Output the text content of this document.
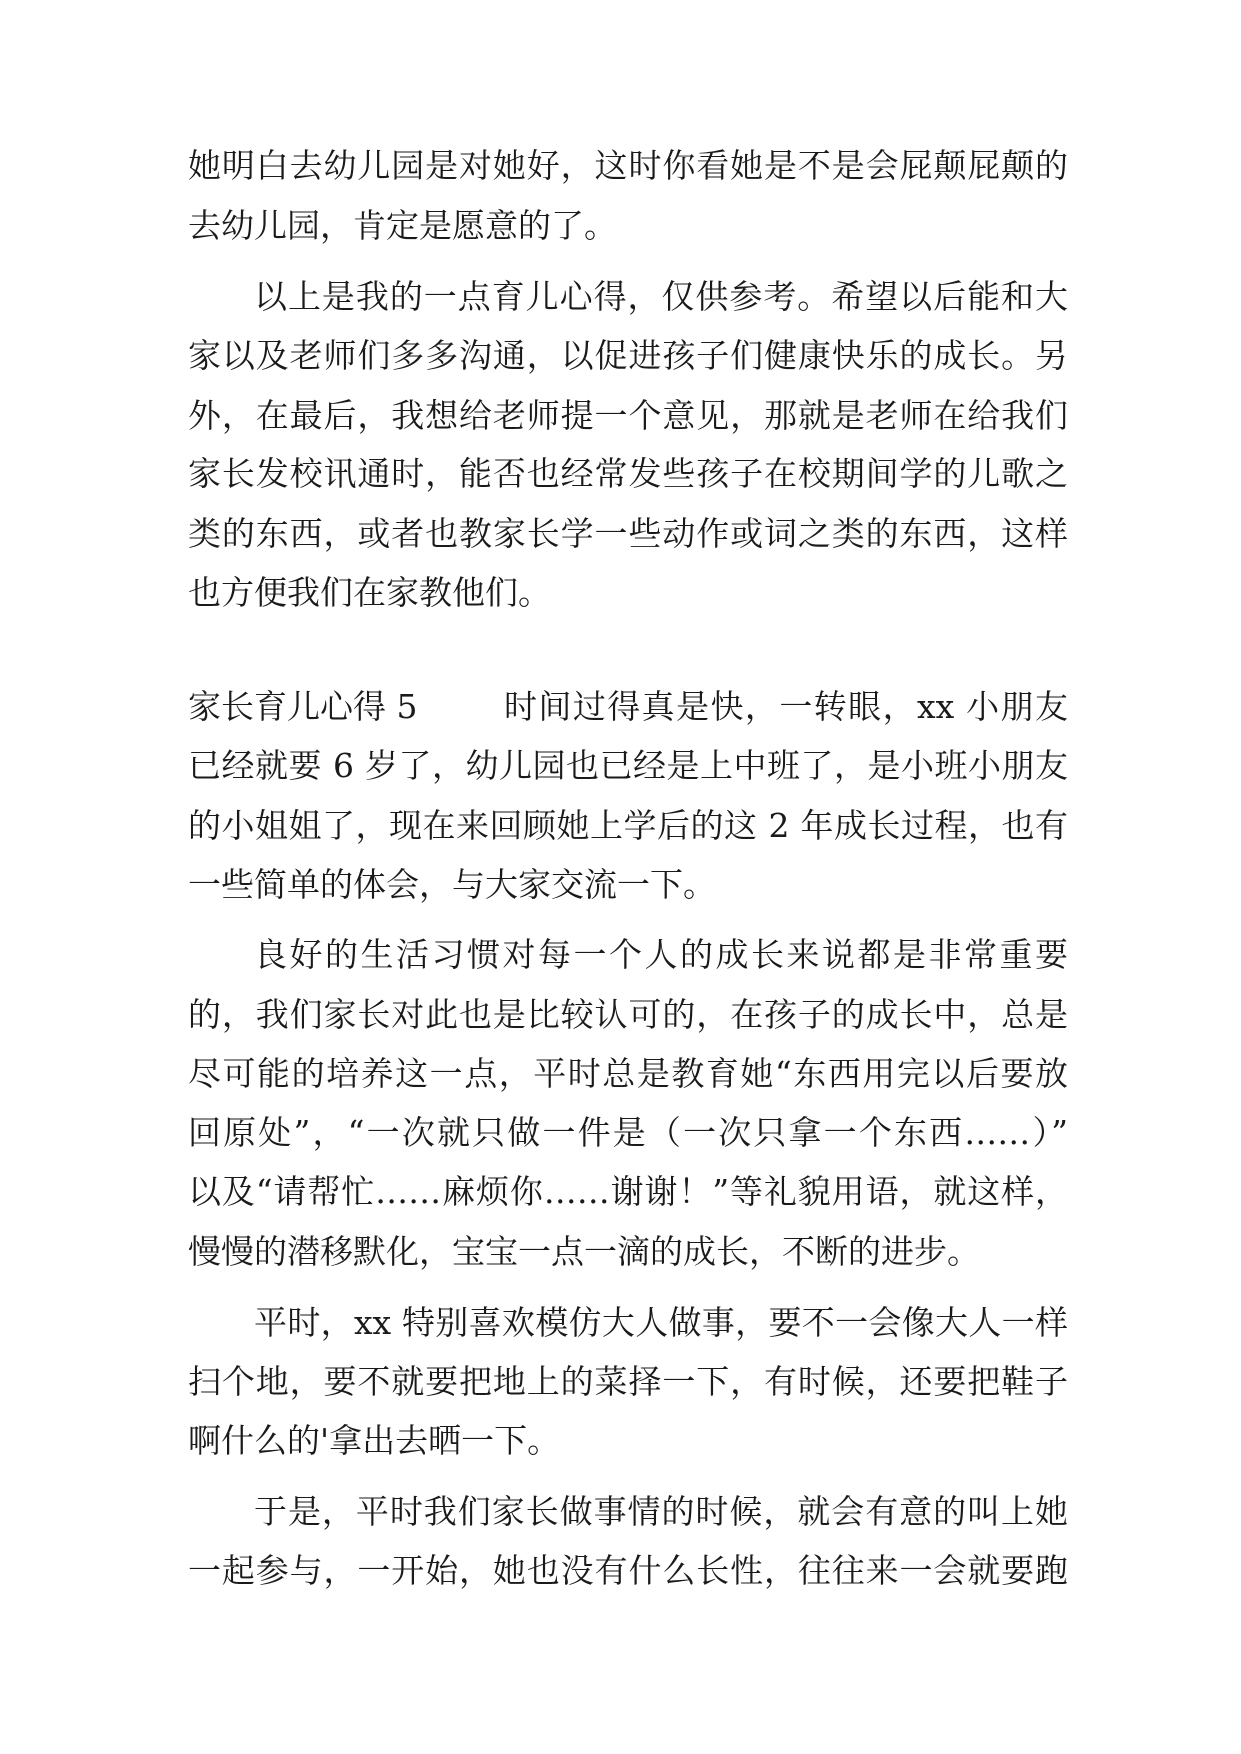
她明白去幼儿园是对她好，这时你看她是不是会屁颠屁颠的
去幼儿园，肯定是愿意的了。
以上是我的一点育儿心得，仅供参考。希望以后能和大
家以及老师们多多沟通，以促进孩子们健康快乐的成长。另
外，在最后，我想给老师提一个意见，那就是老师在给我们
家长发校讯通时，能否也经常发些孩子在校期间学的儿歌之
类的东西，或者也教家长学一些动作或词之类的东西，这样
也方便我们在家教他们。
家长育儿心得 5	时间过得真是快，一转眼，xx 小朋友
已经就要 6 岁了，幼儿园也已经是上中班了，是小班小朋友
的小姐姐了，现在来回顾她上学后的这 2 年成长过程，也有
一些简单的体会，与大家交流一下。
良好的生活习惯对每一个人的成长来说都是非常重要
的，我们家长对此也是比较认可的，在孩子的成长中，总是
尽可能的培养这一点，平时总是教育她“东西用完以后要放
回原处”，“一次就只做一件是（一次只拿一个东西……）”
以及“请帮忙……麻烦你……谢谢！”等礼貌用语，就这样，
慢慢的潜移默化，宝宝一点一滴的成长，不断的进步。
平时，xx 特别喜欢模仿大人做事，要不一会像大人一样
扫个地，要不就要把地上的菜择一下，有时候，还要把鞋子
啊什么的'拿出去晒一下。
于是，平时我们家长做事情的时候，就会有意的叫上她
一起参与，一开始，她也没有什么长性，往往来一会就要跑
